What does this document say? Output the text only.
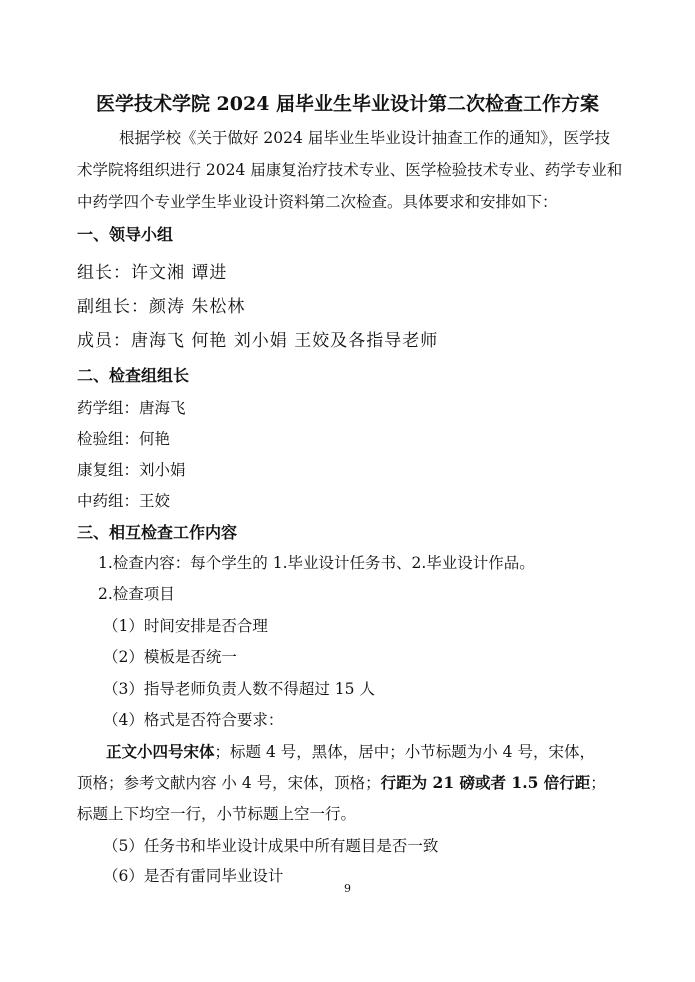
医学技术学院 2024 届毕业生毕业设计第二次检查工作方案
根据学校《关于做好 2024 届毕业生毕业设计抽查工作的通知》，医学技
术学院将组织进行 2024 届康复治疗技术专业、医学检验技术专业、药学专业和
中药学四个专业学生毕业设计资料第二次检查。具体要求和安排如下：
一、领导小组
组长：许文湘 谭进
副组长：颜涛 朱松林
成员：唐海飞 何艳 刘小娟 王姣及各指导老师
二、检查组组长
药学组：唐海飞
检验组：何艳
康复组：刘小娟
中药组：王姣
三、相互检查工作内容
1.检查内容：每个学生的 1.毕业设计任务书、2.毕业设计作品。
2.检查项目
（1）时间安排是否合理
（2）模板是否统一
（3）指导老师负责人数不得超过 15 人
（4）格式是否符合要求：
正文小四号宋体；标题 4 号，黑体，居中；小节标题为小 4 号，宋体，
顶格；参考文献内容 小 4 号，宋体，顶格；行距为 21 磅或者 1.5 倍行距；
标题上下均空一行，小节标题上空一行。
（5）任务书和毕业设计成果中所有题目是否一致
（6）是否有雷同毕业设计
9
